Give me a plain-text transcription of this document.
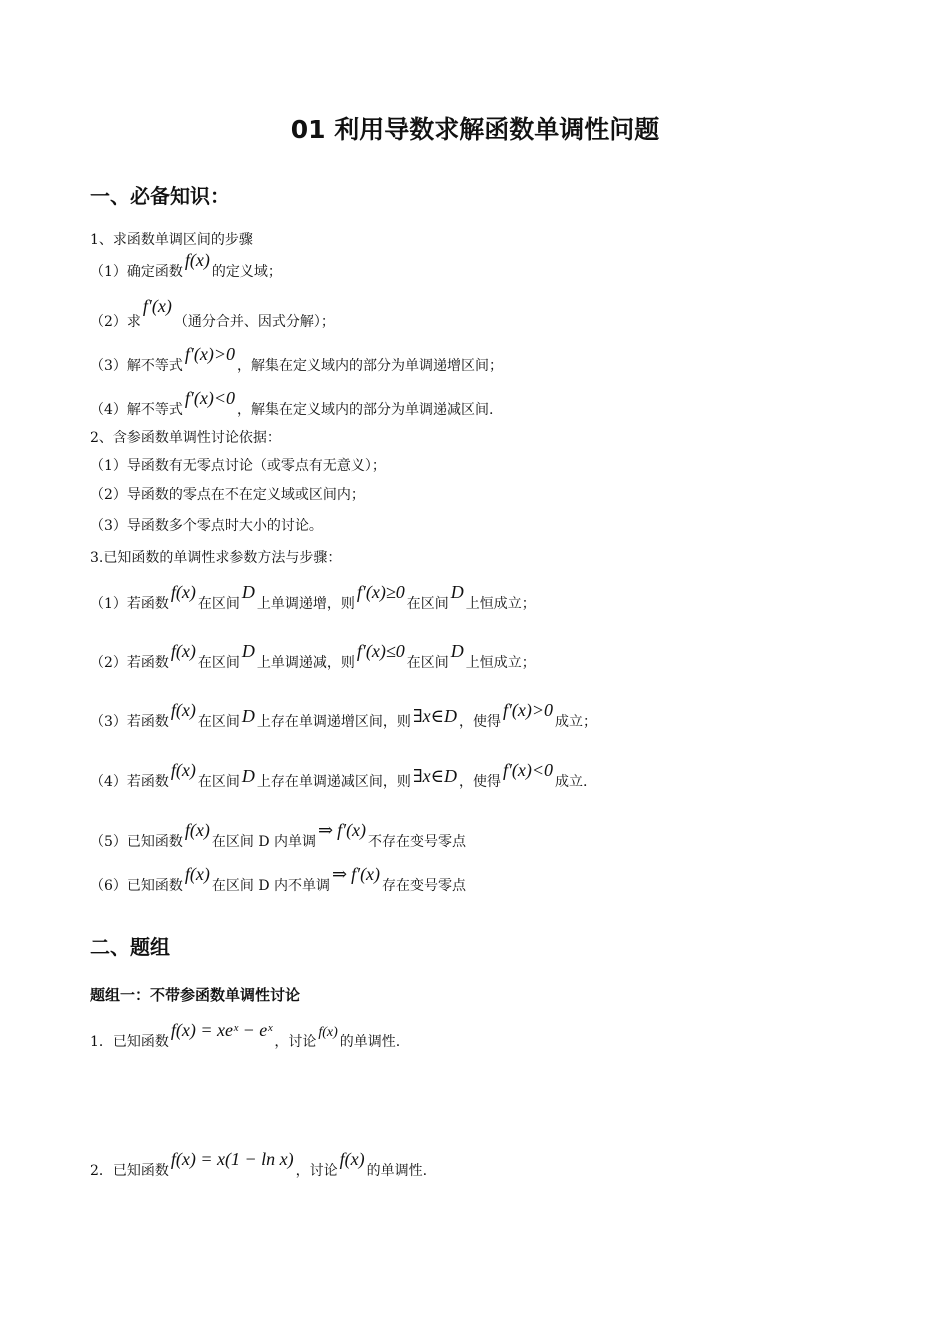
01 利用导数求解函数单调性问题
一、必备知识：
1、求函数单调区间的步骤
（1）确定函数f(x)的定义域；
（2）求f′(x)（通分合并、因式分解）；
（3）解不等式f′(x)>0，解集在定义域内的部分为单调递增区间；
（4）解不等式f′(x)<0，解集在定义域内的部分为单调递减区间.
2、含参函数单调性讨论依据：
（1）导函数有无零点讨论（或零点有无意义）；
（2）导函数的零点在不在定义域或区间内；
（3）导函数多个零点时大小的讨论。
3.已知函数的单调性求参数方法与步骤：
（1）若函数f(x)在区间D上单调递增，则f′(x)≥0在区间D上恒成立；
（2）若函数f(x)在区间D上单调递减，则f′(x)≤0在区间D上恒成立；
（3）若函数f(x)在区间 D 上存在单调递增区间，则 ∃x∈D ，使得f′(x)>0成立；
（4）若函数f(x)在区间 D 上存在单调递减区间，则 ∃x∈D ，使得f′(x)<0成立.
（5）已知函数f(x)在区间 D 内单调⇒ f′(x)不存在变号零点
（6）已知函数f(x)在区间 D 内不单调⇒ f′(x)存在变号零点
二、题组
题组一：不带参函数单调性讨论
1．已知函数f(x) = xeˣ − eˣ，讨论f(x)的单调性.
2．已知函数f(x) = x(1 − ln x)，讨论f(x)的单调性.
